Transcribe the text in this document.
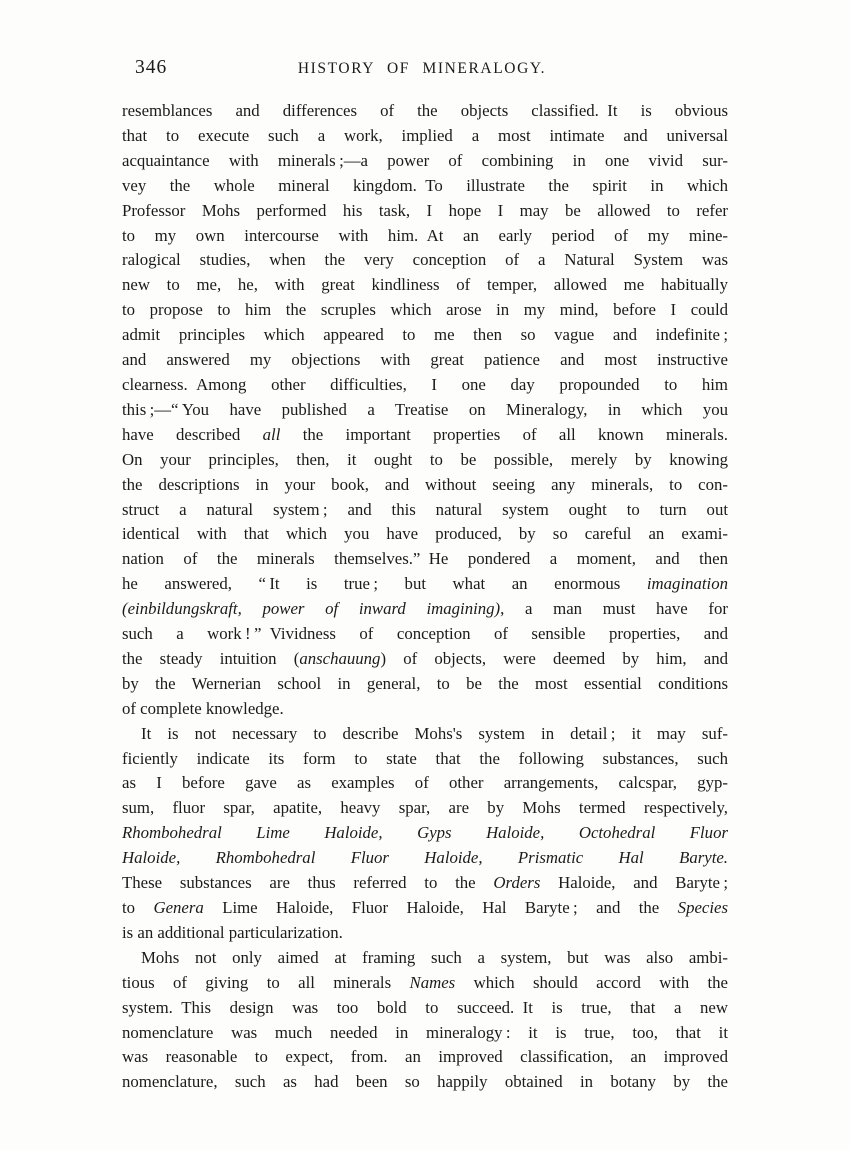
346	HISTORY OF MINERALOGY.
resemblances and differences of the objects classified. It is obvious
that to execute such a work, implied a most intimate and universal
acquaintance with minerals ;—a power of combining in one vivid sur-
vey the whole mineral kingdom. To illustrate the spirit in which
Professor Mohs performed his task, I hope I may be allowed to refer
to my own intercourse with him. At an early period of my mine-
ralogical studies, when the very conception of a Natural System was
new to me, he, with great kindliness of temper, allowed me habitually
to propose to him the scruples which arose in my mind, before I could
admit principles which appeared to me then so vague and indefinite ;
and answered my objections with great patience and most instructive
clearness. Among other difficulties, I one day propounded to him
this ;—“ You have published a Treatise on Mineralogy, in which you
have described all the important properties of all known minerals.
On your principles, then, it ought to be possible, merely by knowing
the descriptions in your book, and without seeing any minerals, to con-
struct a natural system ; and this natural system ought to turn out
identical with that which you have produced, by so careful an exami-
nation of the minerals themselves.” He pondered a moment, and then
he answered, “ It is true ; but what an enormous imagination
(einbildungskraft, power of inward imagining), a man must have for
such a work ! ” Vividness of conception of sensible properties, and
the steady intuition (anschauung) of objects, were deemed by him, and
by the Wernerian school in general, to be the most essential conditions
of complete knowledge.
It is not necessary to describe Mohs's system in detail ; it may suf-
ficiently indicate its form to state that the following substances, such
as I before gave as examples of other arrangements, calcspar, gyp-
sum, fluor spar, apatite, heavy spar, are by Mohs termed respectively,
Rhombohedral Lime Haloide, Gyps Haloide, Octohedral Fluor
Haloide, Rhombohedral Fluor Haloide, Prismatic Hal Baryte.
These substances are thus referred to the Orders Haloide, and Baryte ;
to Genera Lime Haloide, Fluor Haloide, Hal Baryte ; and the Species
is an additional particularization.
Mohs not only aimed at framing such a system, but was also ambi-
tious of giving to all minerals Names which should accord with the
system. This design was too bold to succeed. It is true, that a new
nomenclature was much needed in mineralogy : it is true, too, that it
was reasonable to expect, from. an improved classification, an improved
nomenclature, such as had been so happily obtained in botany by the
